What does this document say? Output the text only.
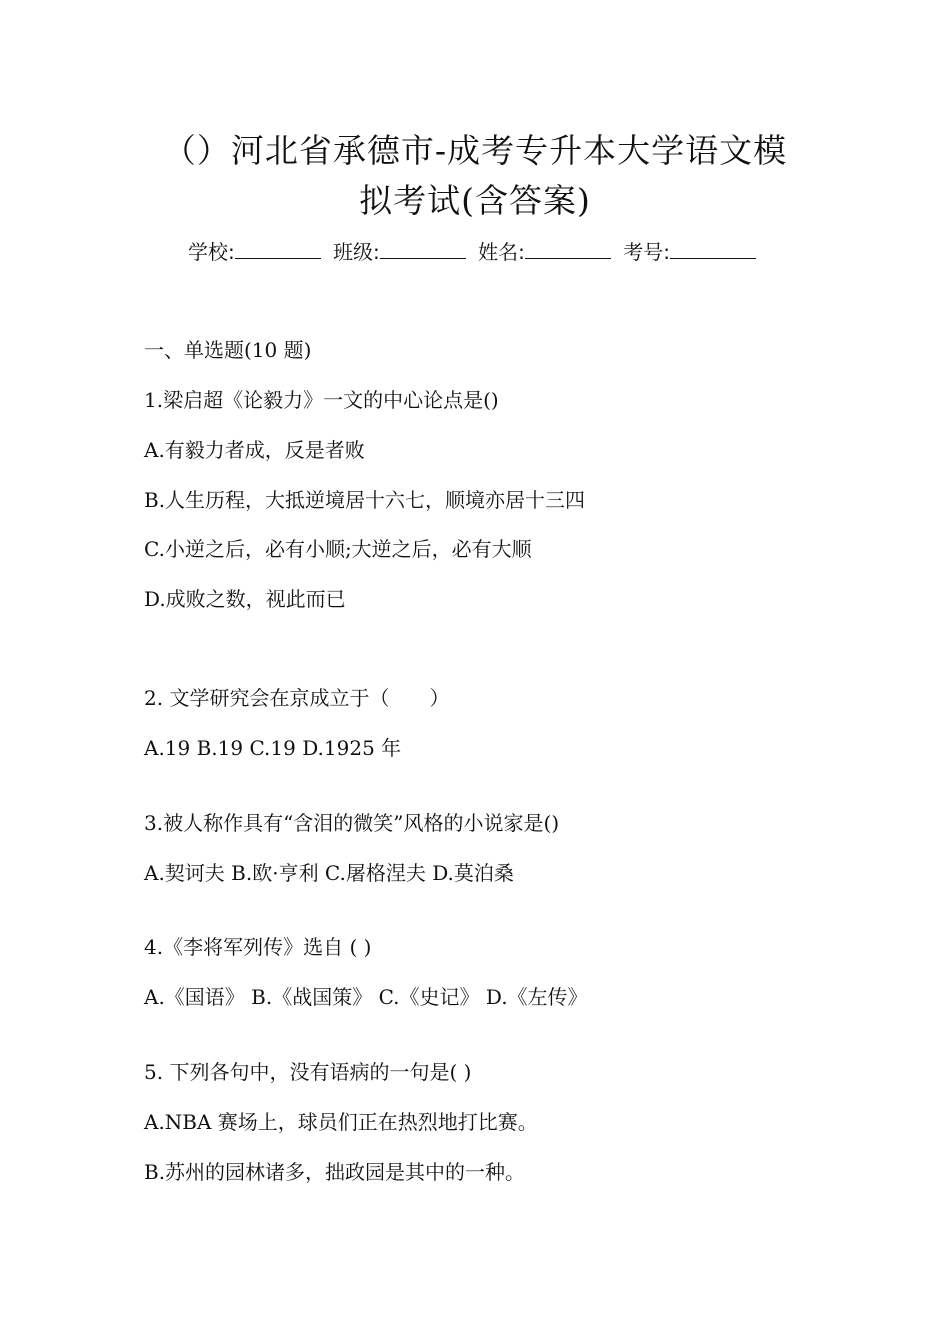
（）河北省承德市-成考专升本大学语文模
拟考试(含答案)
学校:	班级:	姓名:	考号:
一、单选题(10 题)
1.梁启超《论毅力》一文的中心论点是()
A.有毅力者成，反是者败
B.人生历程，大抵逆境居十六七，顺境亦居十三四
C.小逆之后，必有小顺;大逆之后，必有大顺
D.成败之数，视此而已
2. 文学研究会在京成立于（　　）
A.19 B.19 C.19 D.1925 年
3.被人称作具有“含泪的微笑”风格的小说家是()
A.契诃夫 B.欧·亨利 C.屠格涅夫 D.莫泊桑
4.《李将军列传》选自 ( )
A.《国语》 B.《战国策》 C.《史记》 D.《左传》
5. 下列各句中，没有语病的一句是( )
A.NBA 赛场上，球员们正在热烈地打比赛。
B.苏州的园林诸多，拙政园是其中的一种。
